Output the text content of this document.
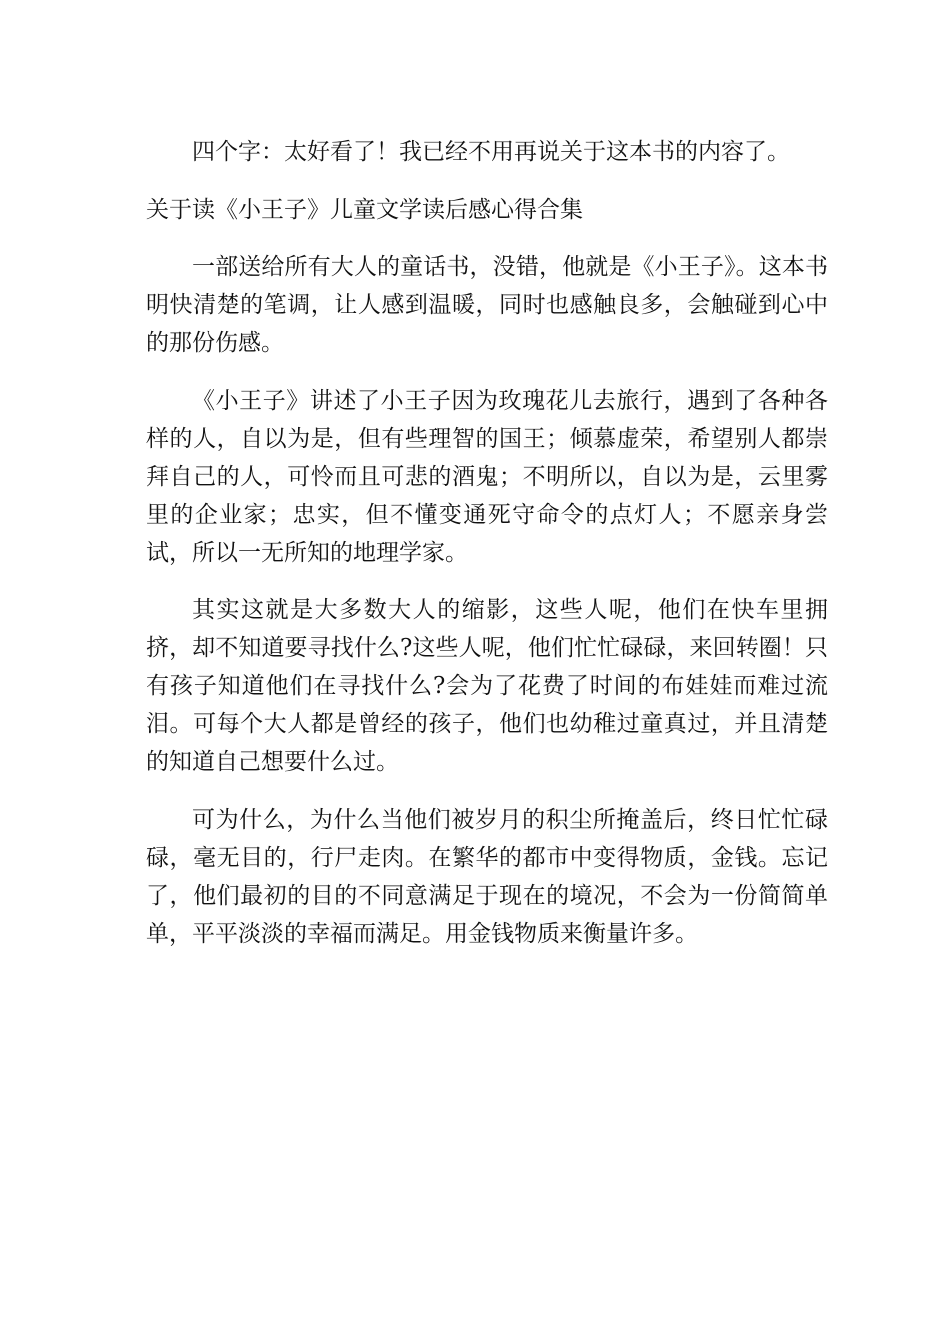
四个字：太好看了！我已经不用再说关于这本书的内容了。

关于读《小王子》儿童文学读后感心得合集

一部送给所有大人的童话书，没错，他就是《小王子》。这本书明快清楚的笔调，让人感到温暖，同时也感触良多，会触碰到心中的那份伤感。

《小王子》讲述了小王子因为玫瑰花儿去旅行，遇到了各种各样的人，自以为是，但有些理智的国王；倾慕虚荣，希望别人都崇拜自己的人，可怜而且可悲的酒鬼；不明所以，自以为是，云里雾里的企业家；忠实，但不懂变通死守命令的点灯人；不愿亲身尝试，所以一无所知的地理学家。

其实这就是大多数大人的缩影，这些人呢，他们在快车里拥挤，却不知道要寻找什么?这些人呢，他们忙忙碌碌，来回转圈！只有孩子知道他们在寻找什么?会为了花费了时间的布娃娃而难过流泪。可每个大人都是曾经的孩子，他们也幼稚过童真过，并且清楚的知道自己想要什么过。

可为什么，为什么当他们被岁月的积尘所掩盖后，终日忙忙碌碌，毫无目的，行尸走肉。在繁华的都市中变得物质，金钱。忘记了，他们最初的目的不同意满足于现在的境况，不会为一份简简单单，平平淡淡的幸福而满足。用金钱物质来衡量许多。
